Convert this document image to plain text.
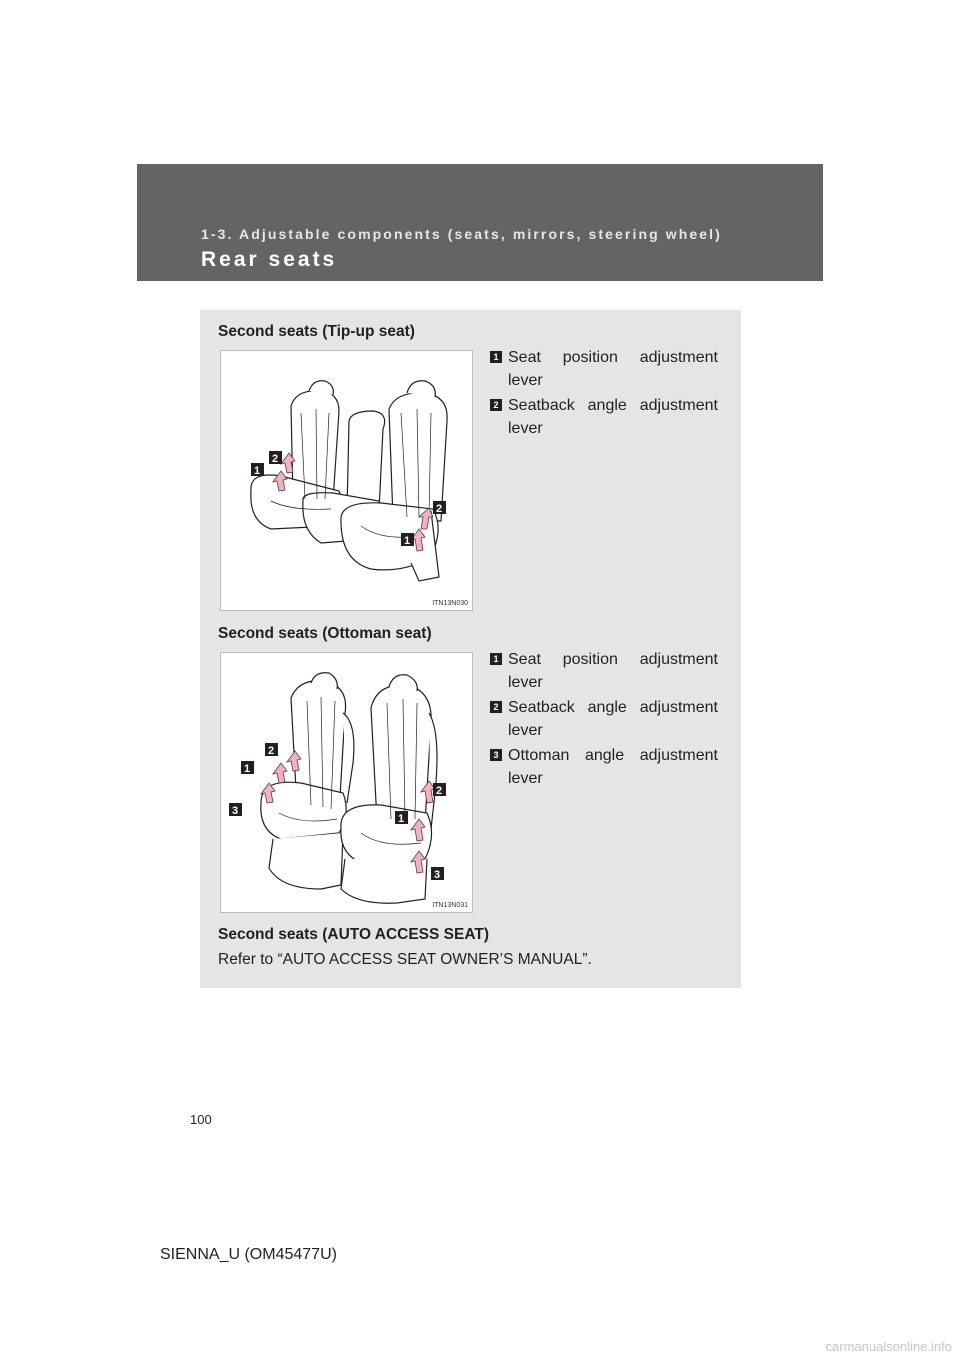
1-3. Adjustable components (seats, mirrors, steering wheel)
Rear seats
Second seats (Tip-up seat)
1
2
2
1
ITN13N030
1 Seat position adjustment lever
2 Seatback angle adjustment lever
Second seats (Ottoman seat)
3
1
2
2
1
3
ITN13N031
1 Seat position adjustment lever
2 Seatback angle adjustment lever
3 Ottoman angle adjustment lever
Second seats (AUTO ACCESS SEAT)
Refer to “AUTO ACCESS SEAT OWNER’S MANUAL”.
100
SIENNA_U (OM45477U)
carmanualsonline.info
